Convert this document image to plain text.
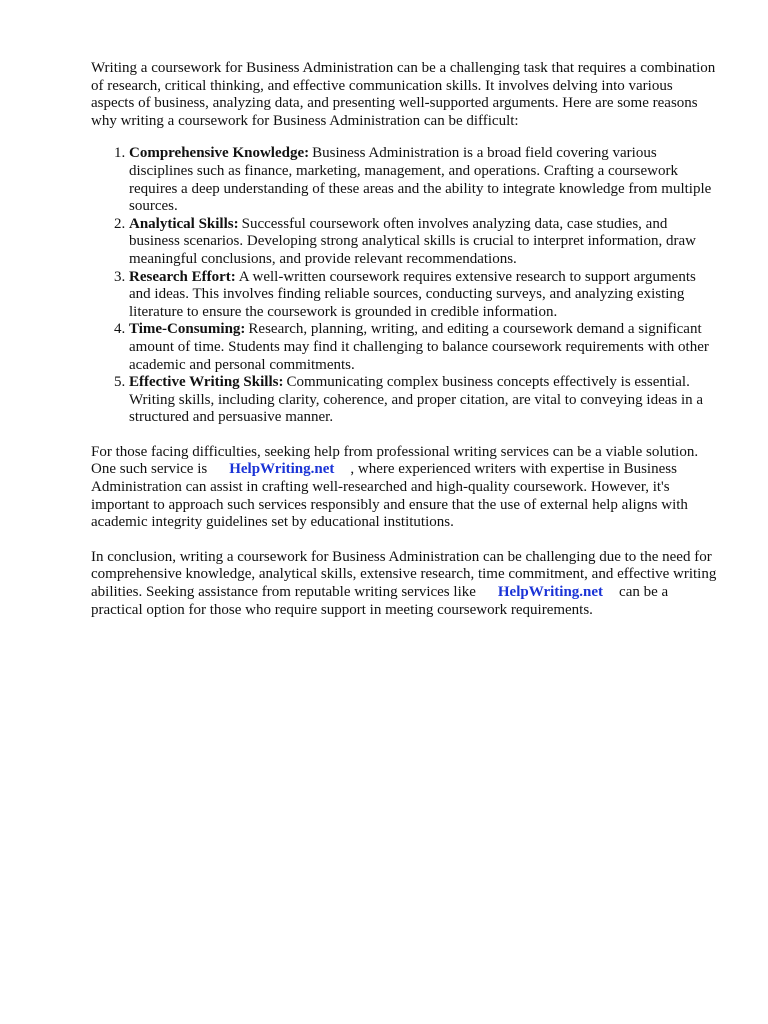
Writing a coursework for Business Administration can be a challenging task that requires a combination of research, critical thinking, and effective communication skills. It involves delving into various aspects of business, analyzing data, and presenting well-supported arguments. Here are some reasons why writing a coursework for Business Administration can be difficult:

1. Comprehensive Knowledge: Business Administration is a broad field covering various disciplines such as finance, marketing, management, and operations. Crafting a coursework requires a deep understanding of these areas and the ability to integrate knowledge from multiple sources.
2. Analytical Skills: Successful coursework often involves analyzing data, case studies, and business scenarios. Developing strong analytical skills is crucial to interpret information, draw meaningful conclusions, and provide relevant recommendations.
3. Research Effort: A well-written coursework requires extensive research to support arguments and ideas. This involves finding reliable sources, conducting surveys, and analyzing existing literature to ensure the coursework is grounded in credible information.
4. Time-Consuming: Research, planning, writing, and editing a coursework demand a significant amount of time. Students may find it challenging to balance coursework requirements with other academic and personal commitments.
5. Effective Writing Skills: Communicating complex business concepts effectively is essential. Writing skills, including clarity, coherence, and proper citation, are vital to conveying ideas in a structured and persuasive manner.

For those facing difficulties, seeking help from professional writing services can be a viable solution. One such service is HelpWriting.net , where experienced writers with expertise in Business Administration can assist in crafting well-researched and high-quality coursework. However, it's important to approach such services responsibly and ensure that the use of external help aligns with academic integrity guidelines set by educational institutions.

In conclusion, writing a coursework for Business Administration can be challenging due to the need for comprehensive knowledge, analytical skills, extensive research, time commitment, and effective writing abilities. Seeking assistance from reputable writing services like HelpWriting.net can be a practical option for those who require support in meeting coursework requirements.
